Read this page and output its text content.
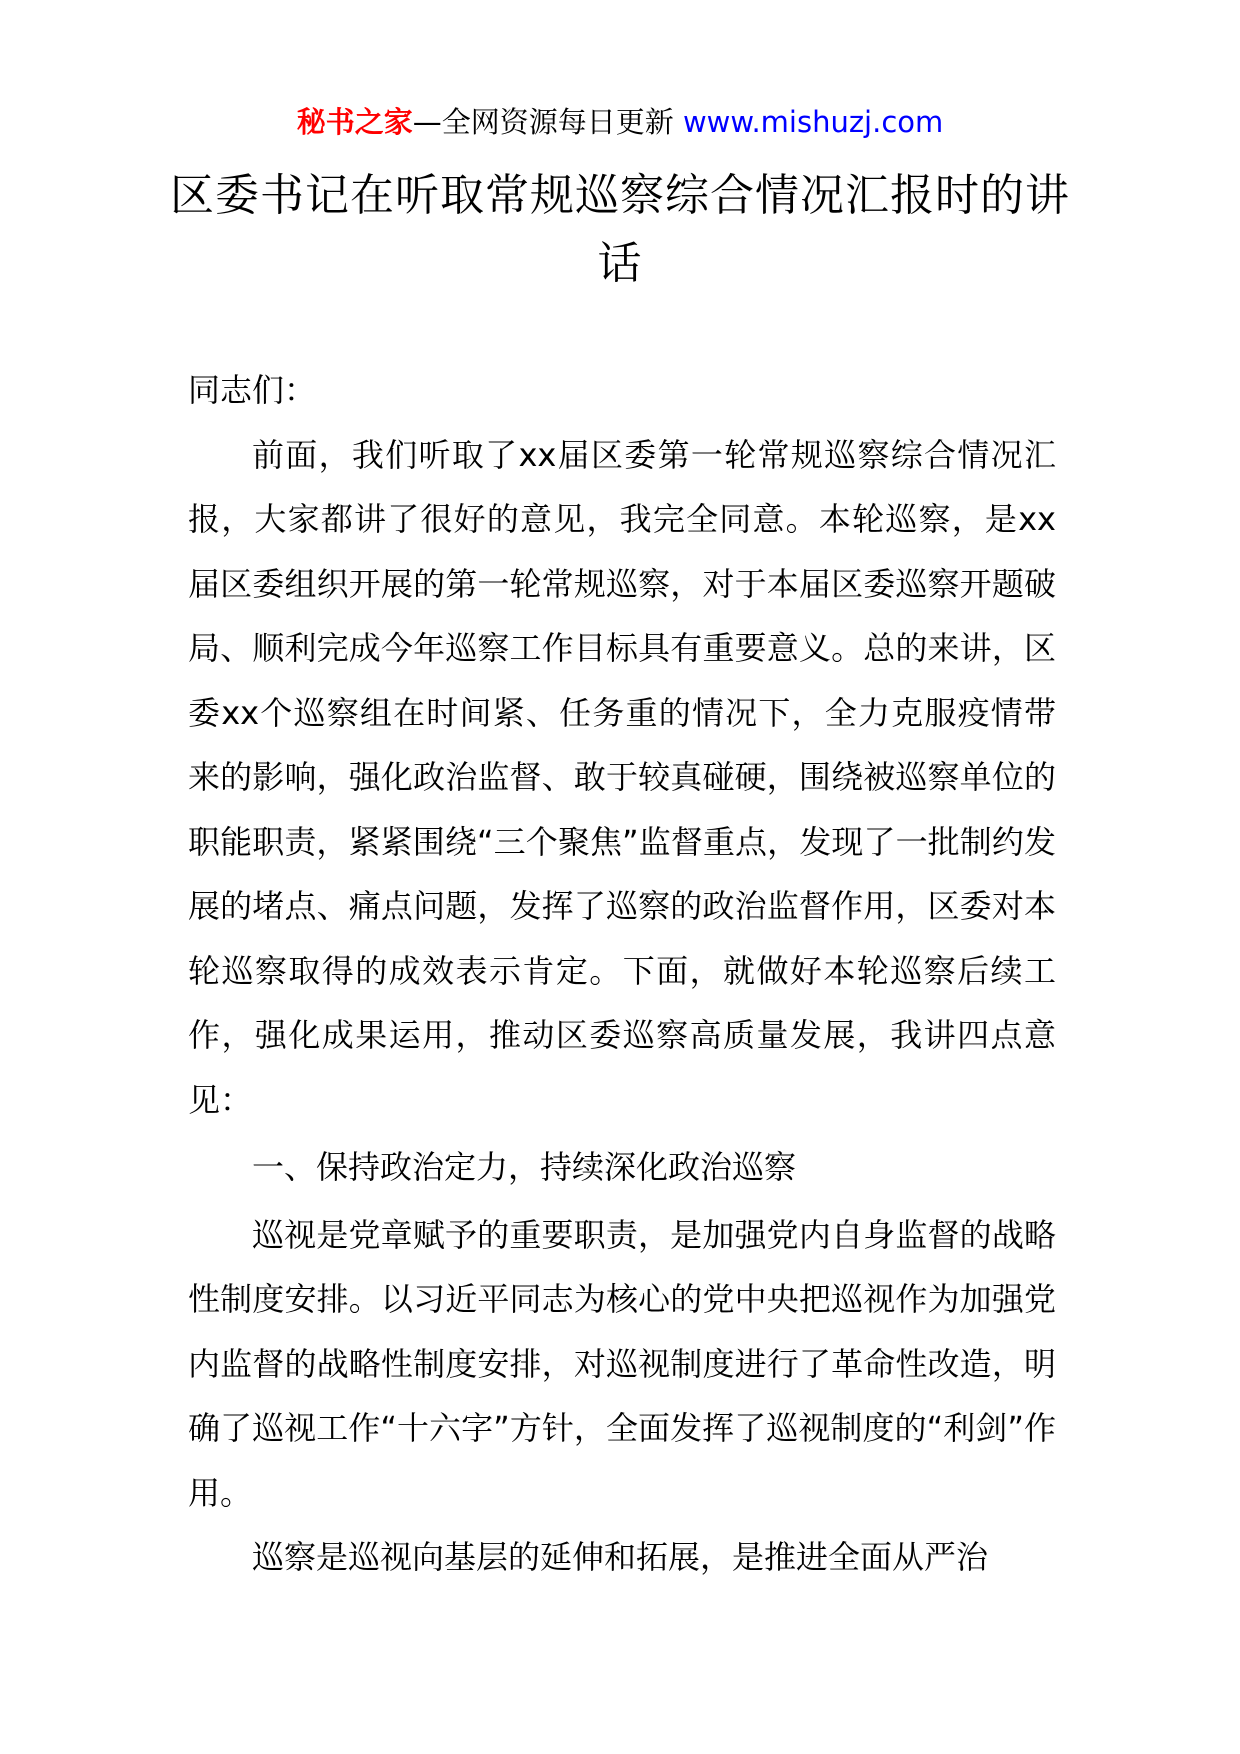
秘书之家—全网资源每日更新 www.mishuzj.com
区委书记在听取常规巡察综合情况汇报时的讲话

同志们：

前面，我们听取了xx届区委第一轮常规巡察综合情况汇报，大家都讲了很好的意见，我完全同意。本轮巡察，是xx届区委组织开展的第一轮常规巡察，对于本届区委巡察开题破局、顺利完成今年巡察工作目标具有重要意义。总的来讲，区委xx个巡察组在时间紧、任务重的情况下，全力克服疫情带来的影响，强化政治监督、敢于较真碰硬，围绕被巡察单位的职能职责，紧紧围绕“三个聚焦”监督重点，发现了一批制约发展的堵点、痛点问题，发挥了巡察的政治监督作用，区委对本轮巡察取得的成效表示肯定。下面，就做好本轮巡察后续工作，强化成果运用，推动区委巡察高质量发展，我讲四点意见：

一、保持政治定力，持续深化政治巡察

巡视是党章赋予的重要职责，是加强党内自身监督的战略性制度安排。以习近平同志为核心的党中央把巡视作为加强党内监督的战略性制度安排，对巡视制度进行了革命性改造，明确了巡视工作“十六字”方针，全面发挥了巡视制度的“利剑”作用。

巡察是巡视向基层的延伸和拓展，是推进全面从严治
